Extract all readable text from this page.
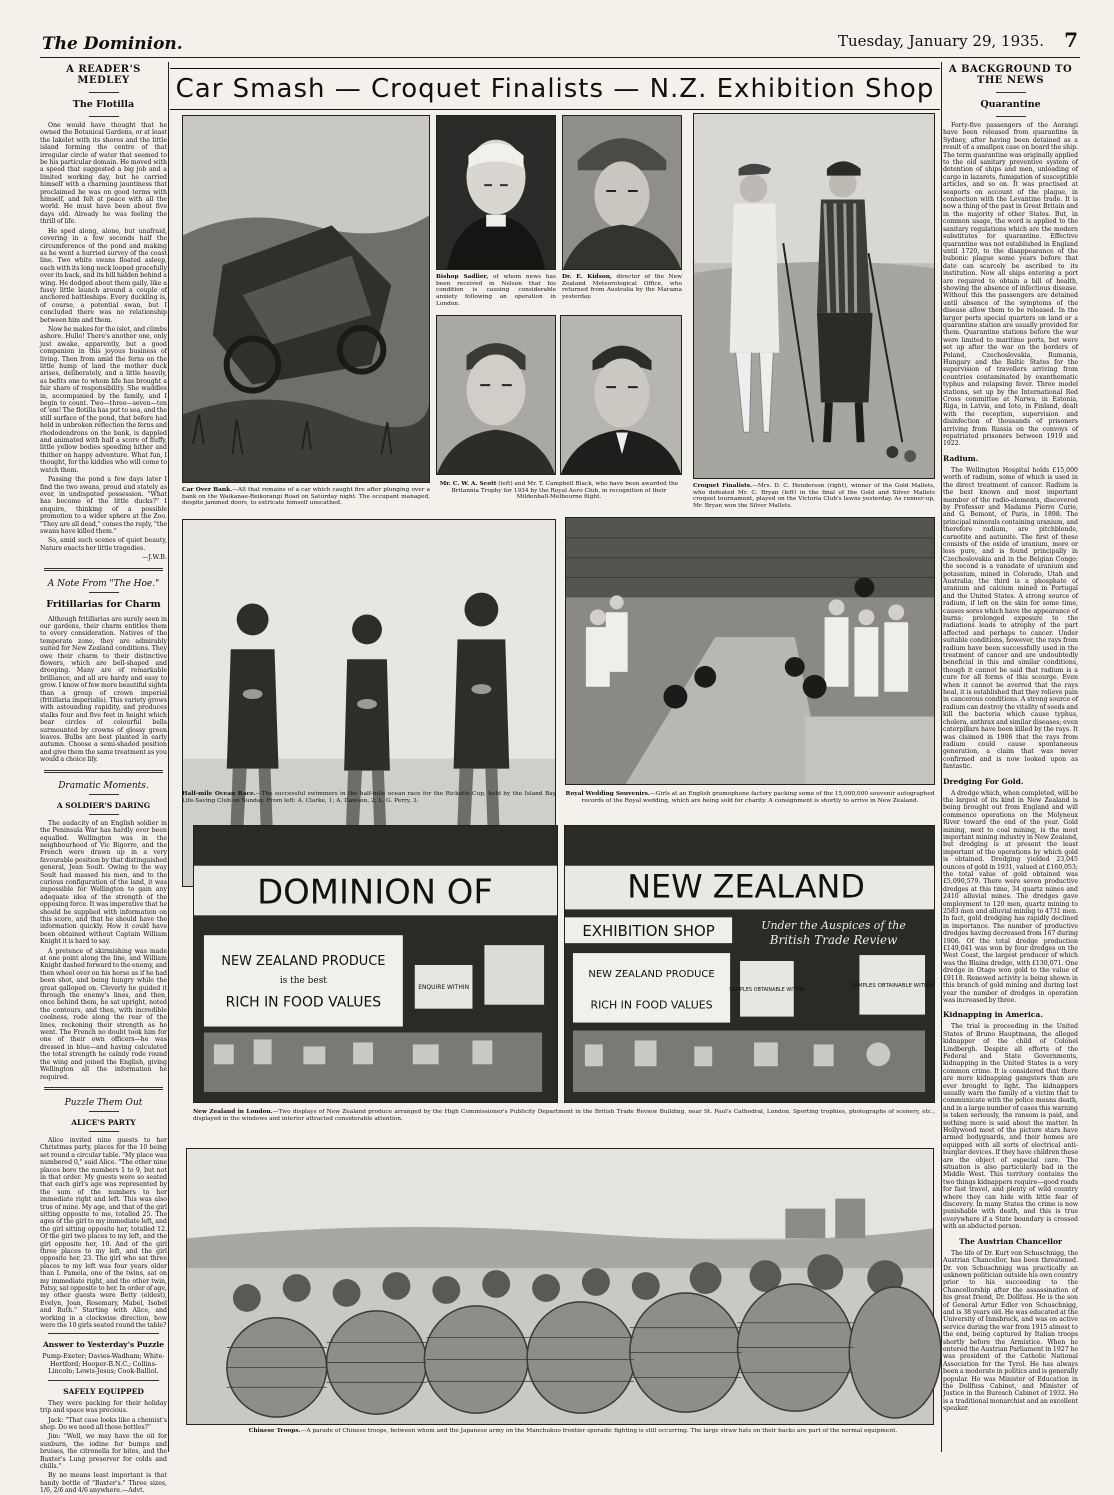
The Dominion.	Tuesday, January 29, 1935. 7
A READER'S MEDLEY
The Flotilla

One would have thought that he owned the Botanical Gardens, or at least the lakelet with its shores and the little island forming the centre of that irregular circle of water that seemed to be his particular domain. He moved with a speed that suggested a big job and a limited working day, but he carried himself with a charming jauntiness that proclaimed he was on good terms with himself, and felt at peace with all the world. He must have been about five days old. Already he was feeling the thrill of life.

He sped along, alone, but unafraid, covering in a few seconds half the circumference of the pond and making as he went a hurried survey of the coast line. Two white swans floated asleep, each with its long neck looped gracefully over its back, and its bill hidden behind a wing. He dodged about them gaily, like a fussy little launch around a couple of anchored battleships. Every duckling is, of course, a potential swan, but I concluded there was no relationship between him and them.

Now he makes for the islet, and climbs ashore. Hullo! There's another one, only just awake, apparently, but a good companion in this joyous business of living. Then from amid the ferns on the little hump of land the mother duck arises, deliberately, and a little heavily, as befits one to whom life has brought a fair share of responsibility. She waddles in, accompanied by the family, and I begin to count. Two—three—seven—ten of 'em! The flotilla has put to sea, and the still surface of the pond, that before had held in unbroken reflection the ferns and rhododendrons on the bank, is dappled and animated with half a score of fluffy, little yellow bodies speeding hither and thither on happy adventure. What fun, I thought, for the kiddies who will come to watch them.

Passing the pond a few days later I find the two swans, proud and stately as ever, in undisputed possession. "What has become of the little ducks?" I enquire, thinking of a possible promotion to a wider sphere at the Zoo. "They are all dead," comes the reply, "the swans have killed them."

So, amid such scenes of quiet beauty, Nature enacts her little tragedies.

—J.W.B.
A Note From "The Hoe."
Fritillarias for Charm

Although fritillarias are surely seen in our gardens, their charm entitles them to every consideration. Natives of the temperate zone, they are admirably suited for New Zealand conditions. They owe their charm to their distinctive flowers, which are bell-shaped and drooping. Many are of remarkable brilliance, and all are hardy and easy to grow. I know of few more beautiful sights than a group of crown imperial (fritillaria imperialis). This variety grows with astounding rapidity, and produces stalks four and five feet in height which bear circles of colourful bells surmounted by crowns of glossy green leaves. Bulbs are best planted in early autumn. Choose a semi-shaded position and give them the same treatment as you would a choice lily.

Dramatic Moments.
A SOLDIER'S DARING

The audacity of an English soldier in the Peninsula War has hardly ever been equalled. Wellington was in the neighbourhood of Vic Bigorre, and the French were drawn up in a very favourable position by that distinguished general, Jean Soult. Owing to the way Soult had massed his men, and to the curious configuration of the land, it was impossible for Wellington to gain any adequate idea of the strength of the opposing force. It was imperative that he should be supplied with information on this score, and that he should have the information quickly. How it could have been obtained without Captain William Knight it is hard to say.

A pretence of skirmishing was made at one point along the line, and William Knight dashed forward to the enemy, and then wheel over on his horse as if he had been shot, and being hungry while the great galloped on. Cleverly he guided it through the enemy's lines, and then, once behind them, he sat upright, noted the contours, and then, with incredible coolness, rode along the rear of the lines, reckoning their strength as he went. The French no doubt took him for one of their own officers—he was dressed in blue—and having calculated the total strength he calmly rode round the wing and joined the English, giving Wellington all the information he required.

Puzzle Them Out
ALICE'S PARTY

Alice invited nine guests to her Christmas party, places for the 10 being set round a circular table. "My place was numbered 0," said Alice. "The other nine places bore the numbers 1 to 9, but not in that order. My guests were so seated that each girl's age was represented by the sum of the numbers to her immediate right and left. This was also true of mine. My age, and that of the girl sitting opposite to me, totalled 25. The ages of the girl to my immediate left, and the girl sitting opposite her, totalled 12. Of the girl two places to my left, and the girl opposite her, 10. And of the girl three places to my left, and the girl opposite her, 23. The girl who sat three places to my left was four years older than I. Pamela, one of the twins, sat on my immediate right, and the other twin, Patsy, sat opposite to her. In order of age, my other guests were Betty (eldest), Evelyn, Joan, Rosemary, Mabel, Isobel and Ruth." Starting with Alice, and working in a clockwise direction, how were the 10 girls seated round the table?

Answer to Yesterday's Puzzle

Pump-Exeter; Davies-Wadham; White-Hertford; Hooper-B.N.C.; Collins-Lincoln; Lewis-Jesus; Cook-Balliol.

SAFELY EQUIPPED

They were packing for their holiday trip and space was precious.

Jack: "That case looks like a chemist's shop. Do we need all those bottles?"

Jim: "Well, we may have the oil for sunburn, the iodine for bumps and bruises, the citronella for bites, and the Baxter's Lung preserver for colds and chills."

By no means least important is that handy bottle of "Baxter's." Three sizes, 1/6, 2/6 and 4/6 anywhere.—Advt.

Car Smash — Croquet Finalists — N.Z. Exhibition Shop
Car Over Bank.—All that remains of a car which caught fire after plunging over a bank on the Waikanae-Reikorangi Road on Saturday night. The occupant managed, despite jammed doors, to extricate himself unscathed.
Bishop Sadlier, of whom news has been received in Nelson that his condition is causing considerable anxiety following an operation in London.
Dr. E. Kidson, director of the New Zealand Meteorological Office, who returned from Australia by the Marama yesterday.
Mr. C. W. A. Scott (left) and Mr. T. Campbell Black, who have been awarded the Britannia Trophy for 1934 by the Royal Aero Club, in recognition of their Mildenhall-Melbourne flight.
Croquet Finalists.—Mrs. D. C. Henderson (right), winner of the Gold Mallets, who defeated Mr. C. Bryan (left) in the final of the Gold and Silver Mallets croquet tournament, played on the Victoria Club's lawns yesterday. As runner-up, Mr. Bryan won the Silver Mallets.
Half-mile Ocean Race.—The successful swimmers in the half-mile ocean race for the Ricketts Cup, held by the Island Bay Life-Saving Club on Sunday. From left: A. Clarke, 1; A. Dawson, 2; L. G. Perry, 3.
Royal Wedding Souvenirs.—Girls at an English gramophone factory packing some of the 15,000,000 souvenir autographed records of the Royal wedding, which are being sold for charity. A consignment is shortly to arrive in New Zealand.
DOMINION OF
NEW ZEALAND PRODUCE
is the best
RICH IN FOOD VALUES
ENQUIRE WITHIN
NEW ZEALAND
EXHIBITION SHOP	Under the Auspices of the
British Trade Review
NEW ZEALAND PRODUCE
RICH IN FOOD VALUES
SAMPLES OBTAINABLE WITHIN
SAMPLES OBTAINABLE WITHIN
New Zealand in London.—Two displays of New Zealand produce arranged by the High Commissioner's Publicity Department in the British Trade Review Building, near St. Paul's Cathedral, London. Sporting trophies, photographs of scenery, etc., displayed in the windows and interior attracted considerable attention.
Chinese Troops.—A parade of Chinese troops, between whom and the Japanese army on the Manchukuo frontier sporadic fighting is still occurring. The large straw hats on their backs are part of the normal equipment.
A BACKGROUND TO THE NEWS
Quarantine

Forty-five passengers of the Aorangi have been released from quarantine in Sydney, after having been detained as a result of a smallpox case on board the ship. The term quarantine was originally applied to the old sanitary preventive system of detention of ships and men, unloading of cargo in lazarets, fumigation of susceptible articles, and so on. It was practised at seaports on account of the plague, in connection with the Levantine trade. It is now a thing of the past in Great Britain and in the majority of other States. But, in common usage, the word is applied to the sanitary regulations which are the modern substitutes for quarantine. Effective quarantine was not established in England until 1720, to the disappearance of the bubonic plague some years before that date can scarcely be ascribed to its institution. Now all ships entering a port are required to obtain a bill of health, showing the absence of infectious disease. Without this the passengers are detained until absence of the symptoms of the disease allow them to be released. In the larger ports special quarters on land or a quarantine station are usually provided for them. Quarantine stations before the war were limited to maritime ports, but were set up after the war on the borders of Poland, Czechoslovakia, Rumania, Hungary and the Baltic States for the supervision of travellers arriving from countries contaminated by exanthematic typhus and relapsing fever. Three model stations, set up by the International Red Cross committee at Narwa, in Estonia, Riga, in Latvia, and Ioto, in Finland, dealt with the reception, supervision and disinfection of thousands of prisoners arriving from Russia on the convoys of repatriated prisoners between 1919 and 1922.

Radium.

The Wellington Hospital holds £15,000 worth of radium, some of which is used in the direct treatment of cancer. Radium is the best known and most important member of the radio-elements, discovered by Professor and Madame Pierre Curie, and G. Bemont, of Paris, in 1898. The principal minerals containing uranium, and therefore radium, are pitchblende, carnotite and autunite. The first of these consists of the oxide of uranium, more or less pure, and is found principally in Czechoslovakia and in the Belgian Congo; the second is a vanadate of uranium and potassium, mined in Colorado, Utah and Australia; the third is a phosphate of uranium and calcium mined in Portugal and the United States. A strong source of radium, if left on the skin for some time, causes sores which have the appearance of burns; prolonged exposure to the radiations leads to atrophy of the part affected and perhaps to cancer. Under suitable conditions, however, the rays from radium have been successfully used in the treatment of cancer and are undoubtedly beneficial in this and similar conditions, though it cannot be said that radium is a cure for all forms of this scourge. Even when it cannot be averred that the rays heal, it is established that they relieve pain in cancerous conditions. A strong source of radium can destroy the vitality of seeds and kill the bacteria which cause typhus, cholera, anthrax and similar diseases; even caterpillars have been killed by the rays. It was claimed in 1906 that the rays from radium could cause spontaneous generation, a claim that was never confirmed and is now looked upon as fantastic.

Dredging For Gold.

A dredge which, when completed, will be the largest of its kind in New Zealand is being brought out from England and will commence operations on the Molyneux River toward the end of the year. Gold mining, next to coal mining, is the most important mining industry in New Zealand, but dredging is at present the least important of the operations by which gold is obtained. Dredging yielded 23,045 ounces of gold in 1931, valued at £160,053; the total value of gold obtained was £5,090,579. There were seven productive dredges at this time, 34 quartz mines and 2410 alluvial mines. The dredges gave employment to 120 men, quartz mining to 2583 men and alluvial mining to 4731 men. In fact, gold dredging has rapidly declined in importance. The number of productive dredges having decreased from 167 during 1906. Of the total dredge production £149,041 was won by four dredges on the West Coast, the largest producer of which was the Blaina dredge, with £130,071. One dredge in Otago won gold to the value of £9118. Renewed activity is being shown in this branch of gold mining and during last year the number of dredges in operation was increased by three.

Kidnapping in America.

The trial is proceeding in the United States of Bruno Hauptmann, the alleged kidnapper of the child of Colonel Lindbergh. Despite all efforts of the Federal and State Governments, kidnapping in the United States is a very common crime. It is considered that there are more kidnapping gangsters than are ever brought to light. The kidnappers usually warn the family of a victim that to communicate with the police means death, and in a large number of cases this warning is taken seriously, the ransom is paid, and nothing more is said about the matter. In Hollywood most of the picture stars have armed bodyguards, and their homes are equipped with all sorts of electrical anti-burglar devices. If they have children these are the object of especial care. The situation is also particularly bad in the Middle West. This territory contains the two things kidnappers require—good roads for fast travel, and plenty of wild country where they can hide with little fear of discovery. In many States the crime is now punishable with death, and this is true everywhere if a State boundary is crossed with an abducted person.

The Austrian Chancellor

The life of Dr. Kurt von Schuschnigg, the Austrian Chancellor, has been threatened. Dr. von Schuschnigg was practically an unknown politician outside his own country prior to his succeeding to the Chancellorship after the assassination of his great friend, Dr. Dollfuss. He is the son of General Artur Edler von Schuschnigg, and is 38 years old. He was educated at the University of Innsbruck, and was on active service during the war from 1915 almost to the end, being captured by Italian troops shortly before the Armistice. When he entered the Austrian Parliament in 1927 he was president of the Catholic National Association for the Tyrol. He has always been a moderate in politics and is generally popular. He was Minister of Education in the Dollfuss Cabinet, and Minister of Justice in the Buresch Cabinet of 1932. He is a traditional monarchist and an excellent speaker.
